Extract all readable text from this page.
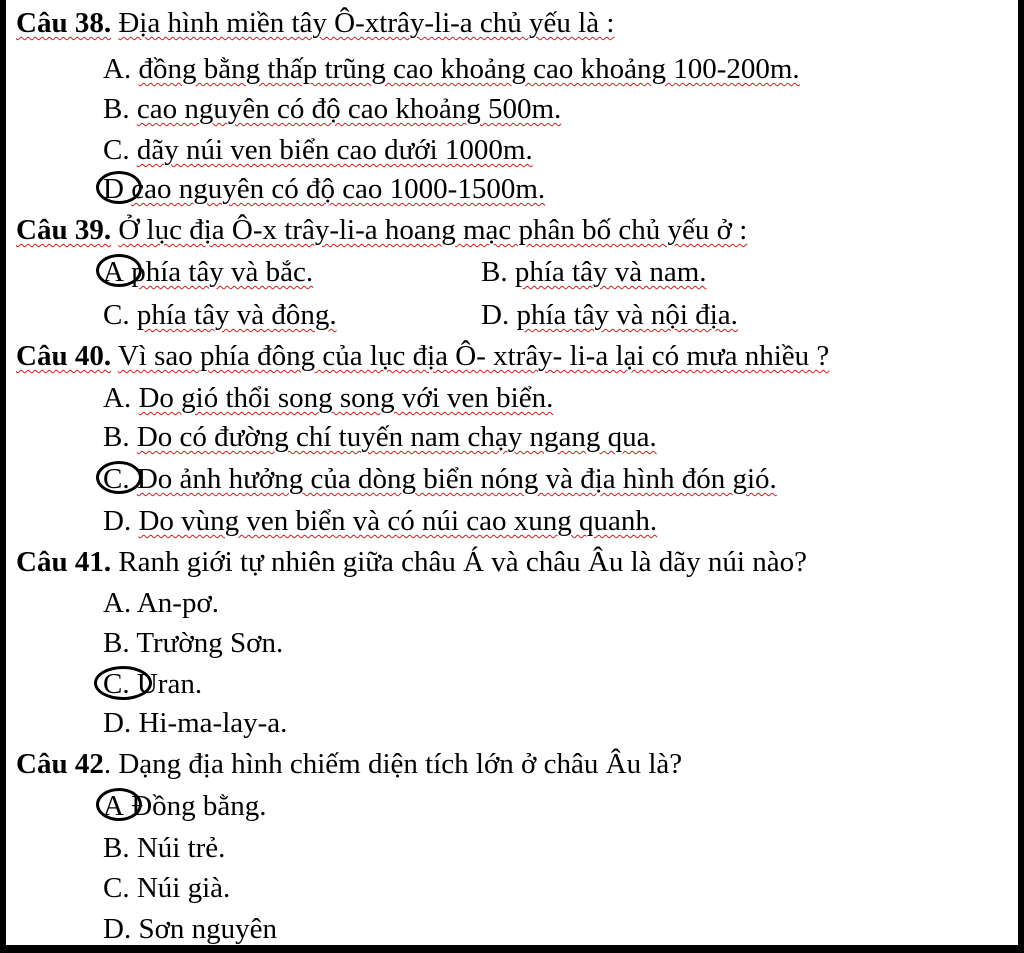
Câu 38. Địa hình miền tây Ô-xtrây-li-a chủ yếu là :
A. đồng bằng thấp trũng cao khoảng cao khoảng 100-200m.
B. cao nguyên có độ cao khoảng 500m.
C. dãy núi ven biển cao dưới 1000m.
D cao nguyên có độ cao 1000-1500m.
Câu 39. Ở lục địa Ô-x trây-li-a hoang mạc phân bố chủ yếu ở :
A phía tây và bắc.	B. phía tây và nam.
C. phía tây và đông.	D. phía tây và nội địa.
Câu 40. Vì sao phía đông của lục địa Ô- xtrây- li-a lại có mưa nhiều ?
A. Do gió thổi song song với ven biển.
B. Do có đường chí tuyến nam chạy ngang qua.
C. Do ảnh hưởng của dòng biển nóng và địa hình đón gió.
D. Do vùng ven biển và có núi cao xung quanh.
Câu 41. Ranh giới tự nhiên giữa châu Á và châu Âu là dãy núi nào?
A. An-pơ.
B. Trường Sơn.
C. Uran.
D. Hi-ma-lay-a.
Câu 42. Dạng địa hình chiếm diện tích lớn ở châu Âu là?
A Đồng bằng.
B. Núi trẻ.
C. Núi già.
D. Sơn nguyên
